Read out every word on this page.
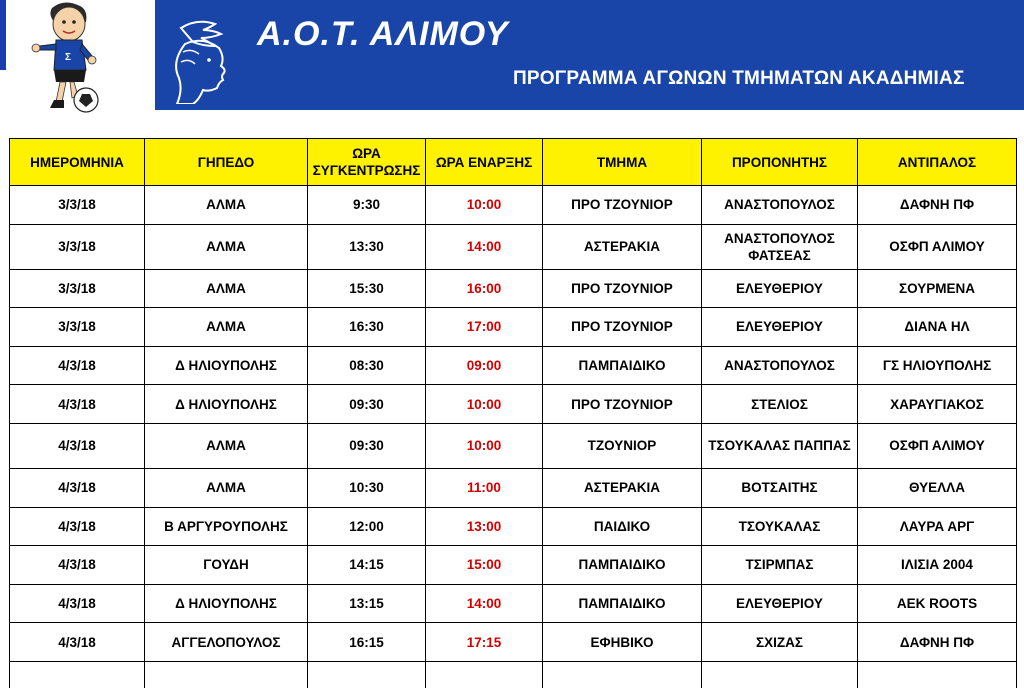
Σ
Α.Ο.Τ. ΑΛΙΜΟΥ
ΠΡΟΓΡΑΜΜΑ ΑΓΩΝΩΝ ΤΜΗΜΑΤΩΝ ΑΚΑΔΗΜΙΑΣ
ΗΜΕΡΟΜΗΝΙΑ	ΓΗΠΕΔΟ	ΩΡΑ ΣΥΓΚΕΝΤΡΩΣΗΣ	ΩΡΑ ΕΝΑΡΞΗΣ	ΤΜΗΜΑ	ΠΡΟΠΟΝΗΤΗΣ	ΑΝΤΙΠΑΛΟΣ
3/3/18	ΑΛΜΑ	9:30	10:00	ΠΡΟ ΤΖΟΥΝΙΟΡ	ΑΝΑΣΤΟΠΟΥΛΟΣ	ΔΑΦΝΗ ΠΦ
3/3/18	ΑΛΜΑ	13:30	14:00	ΑΣΤΕΡΑΚΙΑ	ΑΝΑΣΤΟΠΟΥΛΟΣ ΦΑΤΣΕΑΣ	ΟΣΦΠ ΑΛΙΜΟΥ
3/3/18	ΑΛΜΑ	15:30	16:00	ΠΡΟ ΤΖΟΥΝΙΟΡ	ΕΛΕΥΘΕΡΙΟΥ	ΣΟΥΡΜΕΝΑ
3/3/18	ΑΛΜΑ	16:30	17:00	ΠΡΟ ΤΖΟΥΝΙΟΡ	ΕΛΕΥΘΕΡΙΟΥ	ΔΙΑΝΑ ΗΛ
4/3/18	Δ ΗΛΙΟΥΠΟΛΗΣ	08:30	09:00	ΠΑΜΠΑΙΔΙΚΟ	ΑΝΑΣΤΟΠΟΥΛΟΣ	ΓΣ ΗΛΙΟΥΠΟΛΗΣ
4/3/18	Δ ΗΛΙΟΥΠΟΛΗΣ	09:30	10:00	ΠΡΟ ΤΖΟΥΝΙΟΡ	ΣΤΕΛΙΟΣ	ΧΑΡΑΥΓΙΑΚΟΣ
4/3/18	ΑΛΜΑ	09:30	10:00	ΤΖΟΥΝΙΟΡ	ΤΣΟΥΚΑΛΑΣ ΠΑΠΠΑΣ	ΟΣΦΠ ΑΛΙΜΟΥ
4/3/18	ΑΛΜΑ	10:30	11:00	ΑΣΤΕΡΑΚΙΑ	ΒΟΤΣΑΙΤΗΣ	ΘΥΕΛΛΑ
4/3/18	Β ΑΡΓΥΡΟΥΠΟΛΗΣ	12:00	13:00	ΠΑΙΔΙΚΟ	ΤΣΟΥΚΑΛΑΣ	ΛΑΥΡΑ ΑΡΓ
4/3/18	ΓΟΥΔΗ	14:15	15:00	ΠΑΜΠΑΙΔΙΚΟ	ΤΣΙΡΜΠΑΣ	ΙΛΙΣΙΑ 2004
4/3/18	Δ ΗΛΙΟΥΠΟΛΗΣ	13:15	14:00	ΠΑΜΠΑΙΔΙΚΟ	ΕΛΕΥΘΕΡΙΟΥ	AEK ROOTS
4/3/18	ΑΓΓΕΛΟΠΟΥΛΟΣ	16:15	17:15	ΕΦΗΒΙΚΟ	ΣΧΙΖΑΣ	ΔΑΦΝΗ ΠΦ
